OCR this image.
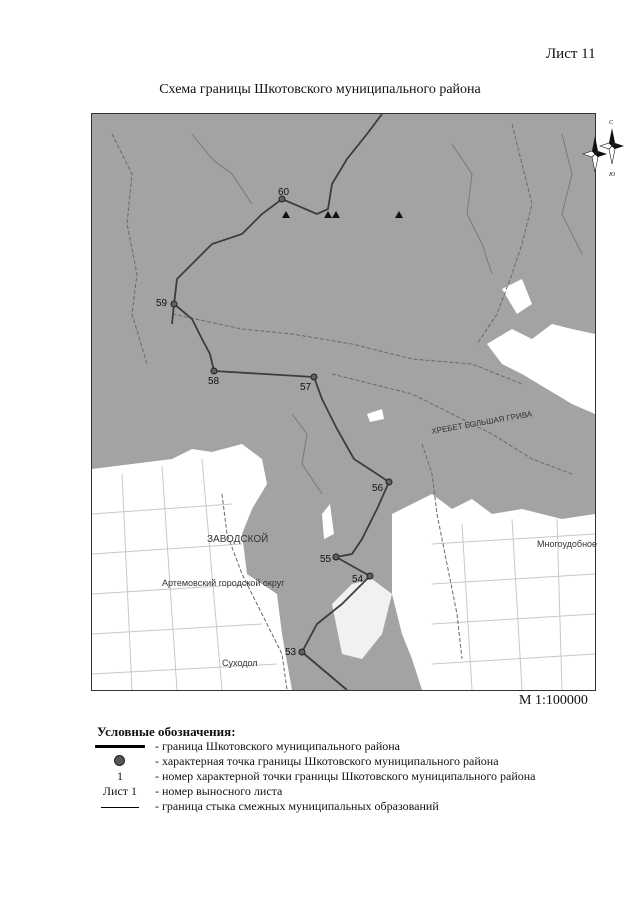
Лист 11
Схема границы Шкотовского муниципального района
60
59
58
57
56
55
54
53
ЗАВОДСКОЙ
Артемовский городской округ
Многоудобное
Суходол
ХРЕБЕТ БОЛЬШАЯ ГРИВА
С
Ю
М 1:100000
Условные обозначения:
- граница Шкотовского муниципального района
- характерная точка границы Шкотовского муниципального района
1	- номер характерной точки границы Шкотовского муниципального района
Лист 1	- номер выносного листа
- граница стыка смежных муниципальных образований
